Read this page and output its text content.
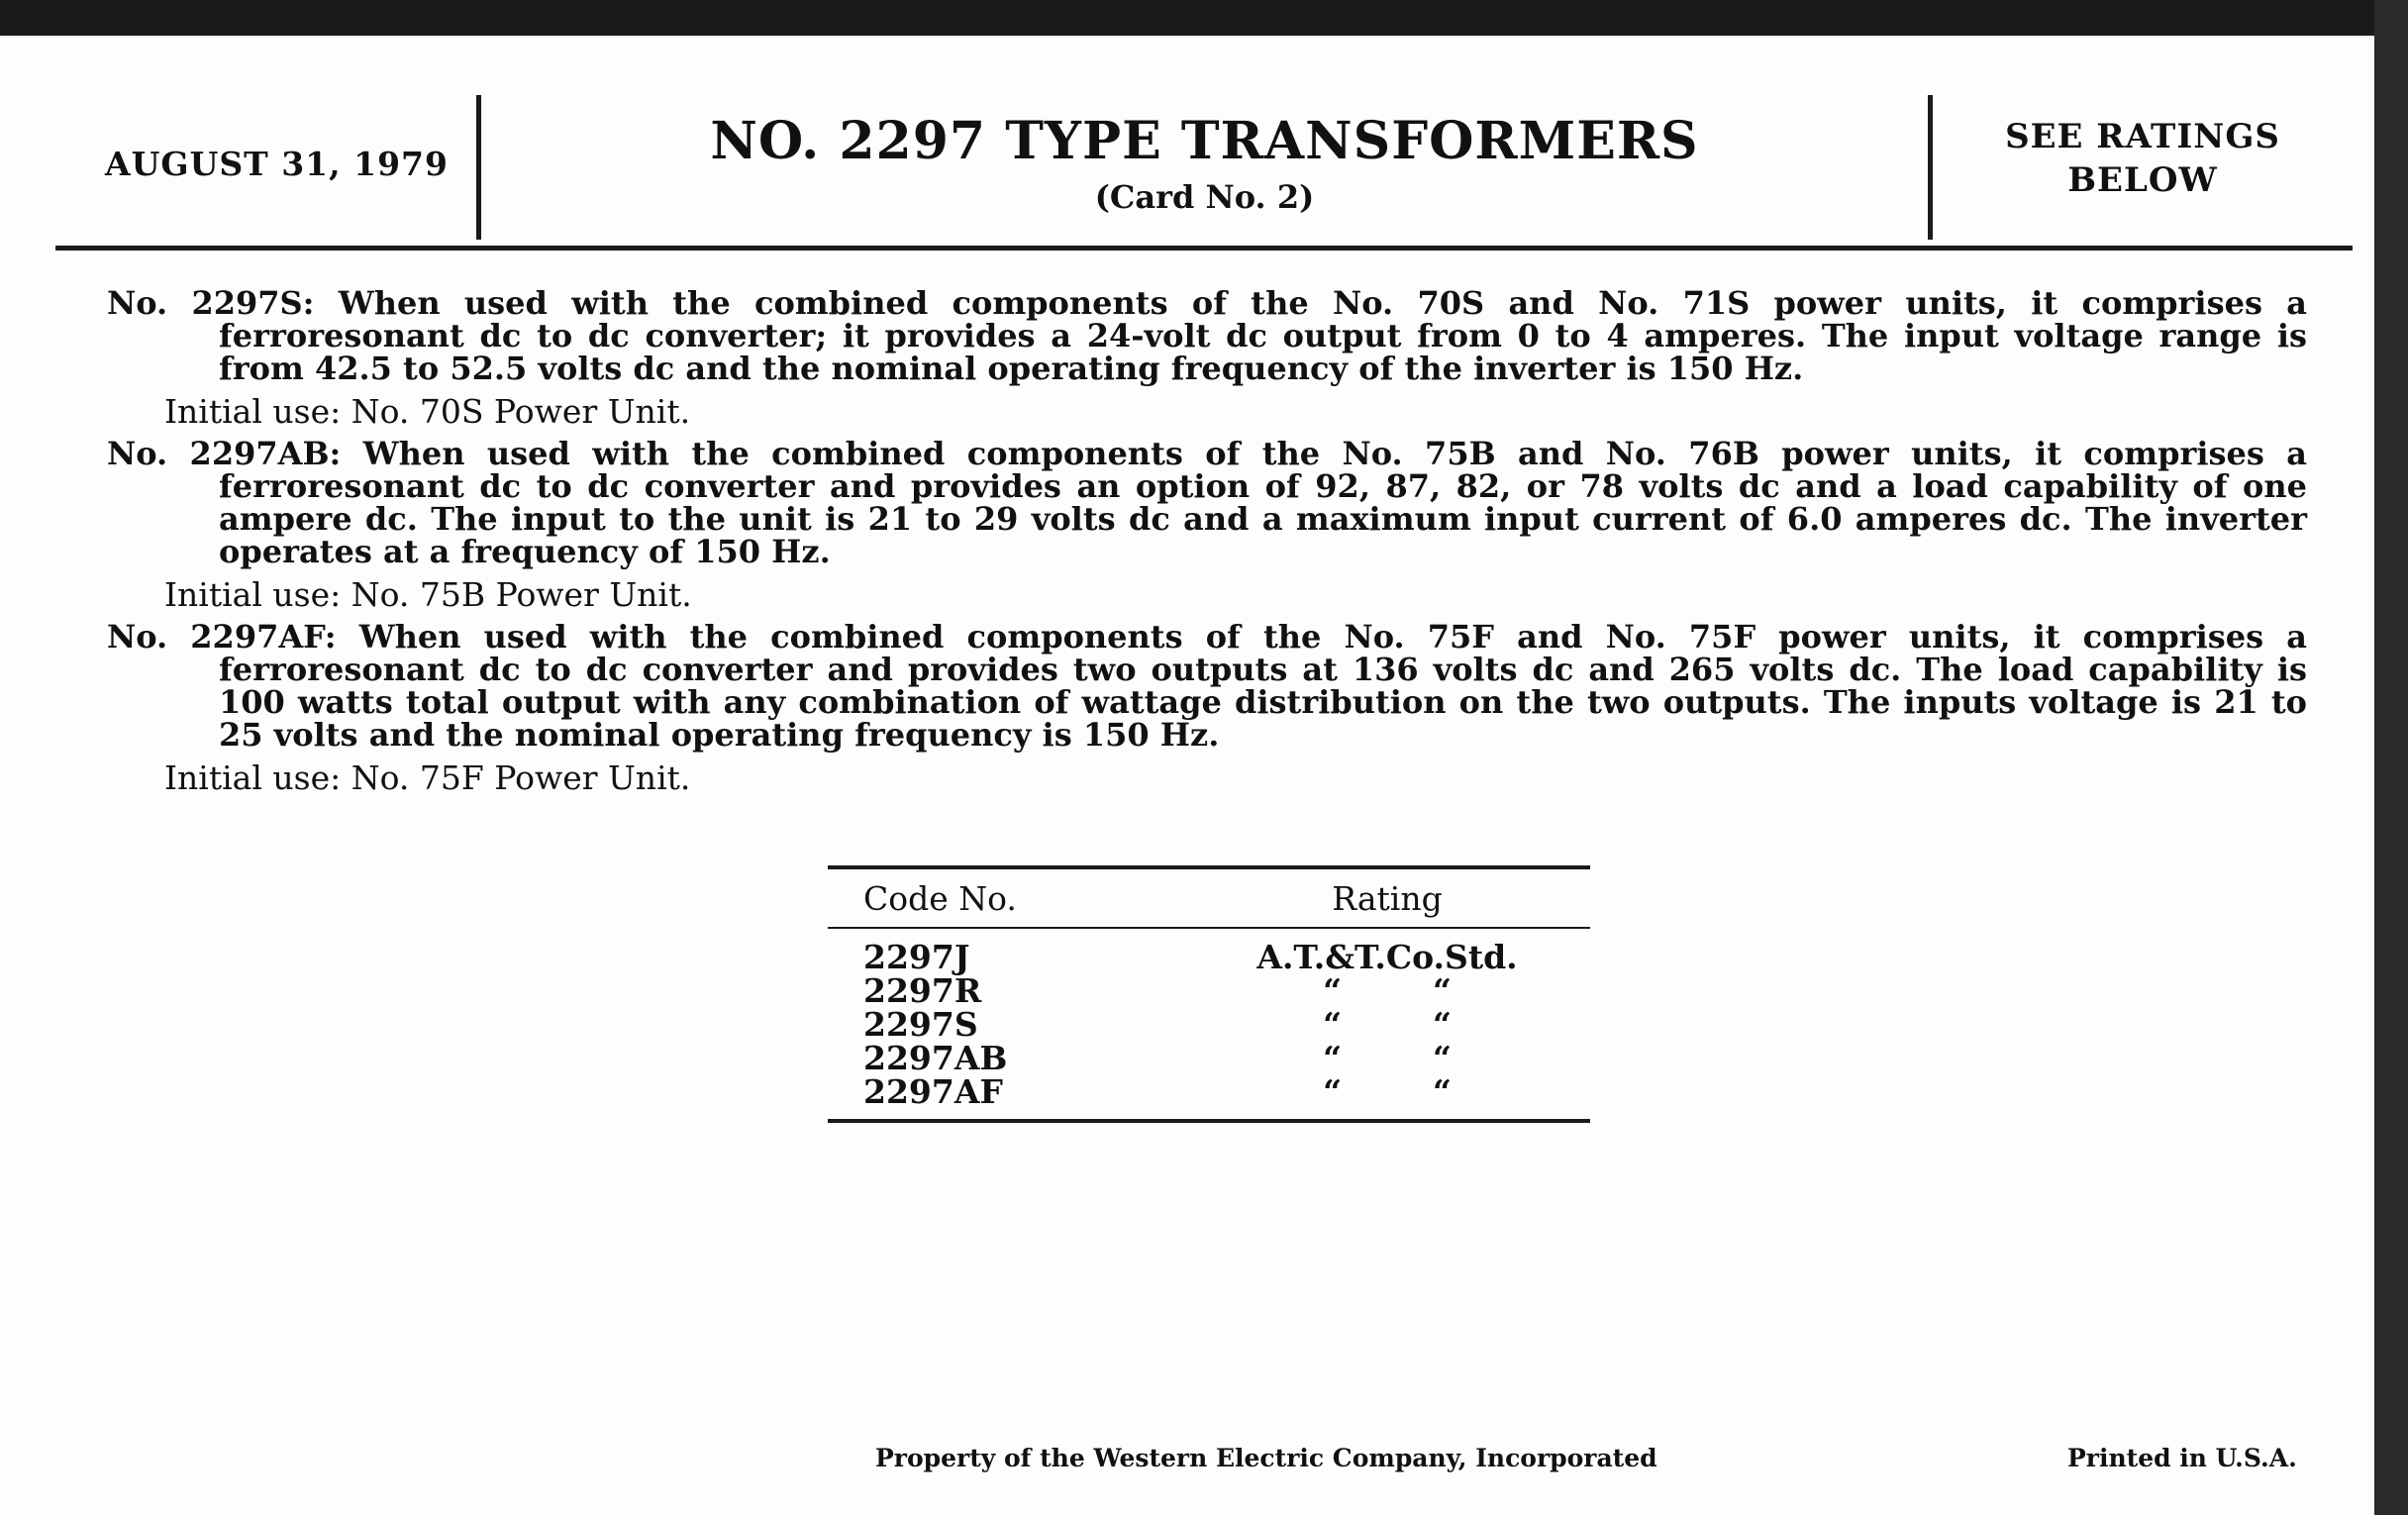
AUGUST 31, 1979	NO. 2297 TYPE TRANSFORMERS
(Card No. 2)
SEE RATINGS
BELOW
No. 2297S: When used with the combined components of the No. 70S and No. 71S power units, it comprises a ferroresonant dc to dc converter; it provides a 24-volt dc output from 0 to 4 amperes. The input voltage range is from 42.5 to 52.5 volts dc and the nominal operating frequency of the inverter is 150 Hz.
Initial use: No. 70S Power Unit.
No. 2297AB: When used with the combined components of the No. 75B and No. 76B power units, it comprises a ferroresonant dc to dc converter and provides an option of 92, 87, 82, or 78 volts dc and a load capability of one ampere dc. The input to the unit is 21 to 29 volts dc and a maximum input current of 6.0 amperes dc. The inverter operates at a frequency of 150 Hz.
Initial use: No. 75B Power Unit.
No. 2297AF: When used with the combined components of the No. 75F and No. 75F power units, it comprises a ferroresonant dc to dc converter and provides two outputs at 136 volts dc and 265 volts dc. The load capability is 100 watts total output with any combination of wattage distribution on the two outputs. The inputs voltage is 21 to 25 volts and the nominal operating frequency is 150 Hz.
Initial use: No. 75F Power Unit.
Code No.	Rating
2297J	A.T.&T.Co.Std.
2297R	“        “
2297S	“        “
2297AB	“        “
2297AF	“        “
Property of the Western Electric Company, Incorporated	Printed in U.S.A.
